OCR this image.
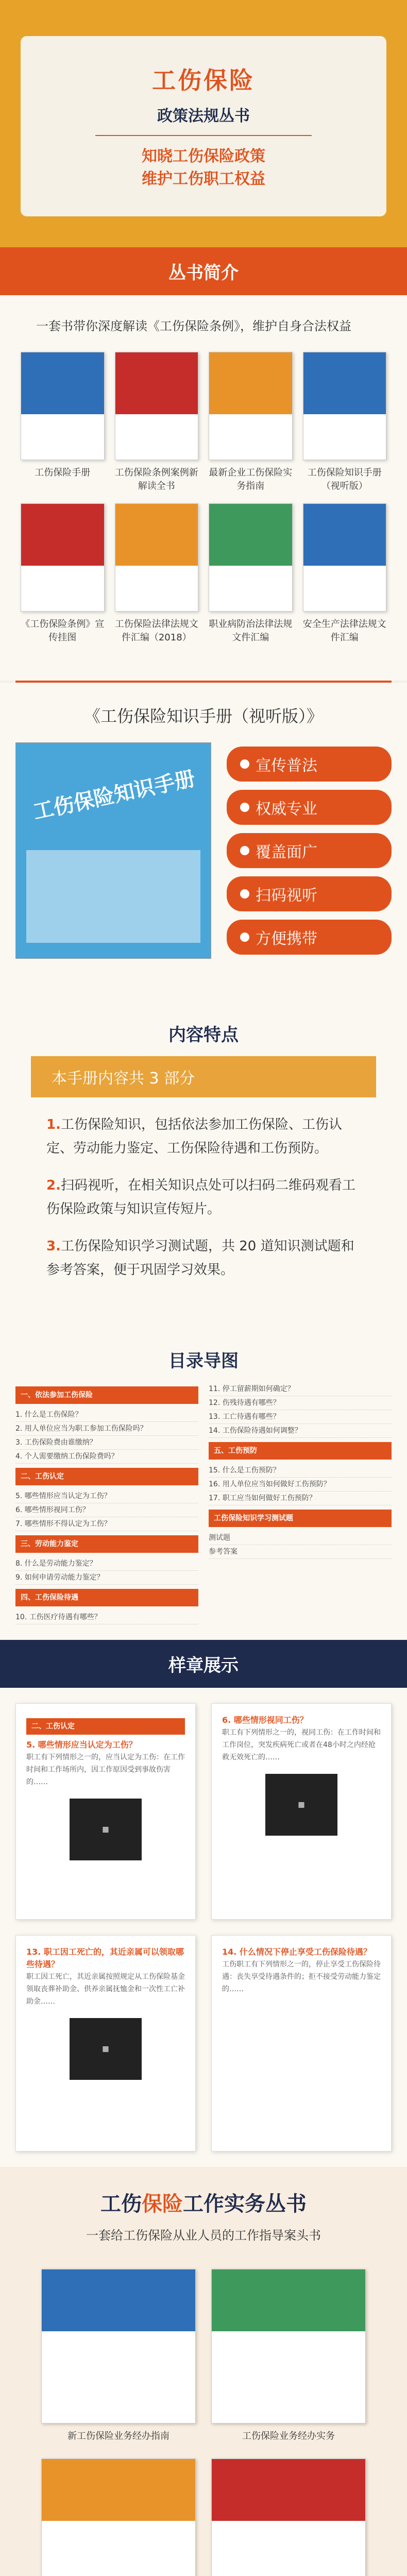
工伤保险
政策法规丛书
知晓工伤保险政策
维护工伤职工权益
丛书简介
一套书带你深度解读《工伤保险条例》，维护自身合法权益
工伤保险手册	工伤保险条例案例新解读全书
最新企业工伤保险实务指南
工伤保险知识手册（视听版）
《工伤保险条例》宣传挂图
工伤保险法律法规文件汇编（2018）
职业病防治法律法规文件汇编
安全生产法律法规文件汇编
《工伤保险知识手册（视听版）》
工伤保险知识手册
宣传普法
权威专业
覆盖面广
扫码视听
方便携带
内容特点
本手册内容共 3 部分

1.工伤保险知识，包括依法参加工伤保险、工伤认定、劳动能力鉴定、工伤保险待遇和工伤预防。

2.扫码视听，在相关知识点处可以扫码二维码观看工伤保险政策与知识宣传短片。

3.工伤保险知识学习测试题，共 20 道知识测试题和参考答案，便于巩固学习效果。

目录导图
一、依法参加工伤保险
1. 什么是工伤保险？
2. 用人单位应当为职工参加工伤保险吗？
3. 工伤保险费由谁缴纳？
4. 个人需要缴纳工伤保险费吗？
二、工伤认定
5. 哪些情形应当认定为工伤？
6. 哪些情形视同工伤？
7. 哪些情形不得认定为工伤？
三、劳动能力鉴定
8. 什么是劳动能力鉴定？
9. 如何申请劳动能力鉴定？
四、工伤保险待遇
10. 工伤医疗待遇有哪些？
11. 停工留薪期如何确定？
12. 伤残待遇有哪些？
13. 工亡待遇有哪些？
14. 工伤保险待遇如何调整？
五、工伤预防
15. 什么是工伤预防？
16. 用人单位应当如何做好工伤预防？
17. 职工应当如何做好工伤预防？
工伤保险知识学习测试题
测试题
参考答案
样章展示
二、工伤认定
5. 哪些情形应当认定为工伤？
职工有下列情形之一的，应当认定为工伤：在工作时间和工作场所内，因工作原因受到事故伤害的……
▦
6. 哪些情形视同工伤？
职工有下列情形之一的，视同工伤：在工作时间和工作岗位，突发疾病死亡或者在48小时之内经抢救无效死亡的……
▦
13. 职工因工死亡的，其近亲属可以领取哪些待遇？
职工因工死亡，其近亲属按照规定从工伤保险基金领取丧葬补助金、供养亲属抚恤金和一次性工亡补助金……
▦
14. 什么情况下停止享受工伤保险待遇？
工伤职工有下列情形之一的，停止享受工伤保险待遇：丧失享受待遇条件的；拒不接受劳动能力鉴定的……
工伤保险工作实务丛书
一套给工伤保险从业人员的工作指导案头书
新工伤保险业务经办指南	工伤保险业务经办实务
